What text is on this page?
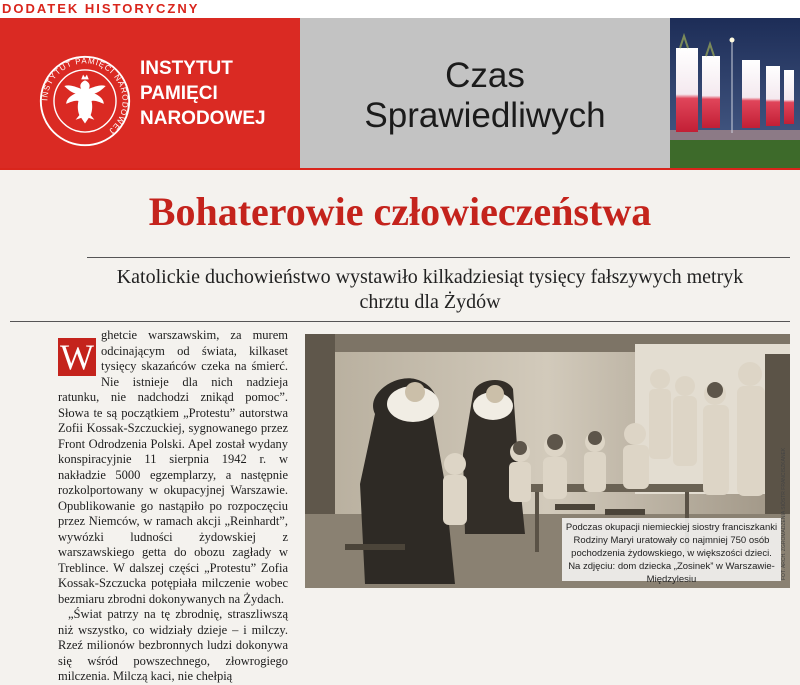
DODATEK HISTORYCZNY
INSTYTUT PAMIĘCI NARODOWEJ
INSTYTUT
PAMIĘCI
NARODOWEJ
Czas
Sprawiedliwych
Bohaterowie człowieczeństwa
Katolickie duchowieństwo wystawiło kilkadziesiąt tysięcy fałszywych metryk
chrztu dla Żydów
W

ghetcie warszawskim, za murem odcinającym od świata, kilkaset tysięcy skazańców czeka na śmierć. Nie istnieje dla nich nadzieja ratunku, nie nadchodzi znikąd pomoc”. Słowa te są początkiem „Protestu” autorstwa Zofii Kossak-Szczuckiej, sygnowanego przez Front Odrodzenia Polski. Apel został wydany konspiracyjnie 11 sierpnia 1942 r. w nakładzie 5000 egzemplarzy, a następnie rozkolportowany w okupacyjnej Warszawie. Opublikowanie go nastąpiło po rozpoczęciu przez Niemców, w ramach akcji „Reinhardt”, wywózki ludności żydowskiej z warszawskiego getta do obozu zagłady w Treblince. W dalszej części „Protestu” Zofia Kossak-Szczucka potępiała milczenie wobec bezmiaru zbrodni dokonywanych na Żydach.

„Świat patrzy na tę zbrodnię, straszliwszą niż wszystko, co widziały dzieje – i milczy. Rzeź milionów bezbronnych ludzi dokonywa się wśród powszechnego, złowrogiego milczenia. Milczą kaci, nie chełpią

Podczas okupacji niemieckiej siostry franciszkanki Rodziny Maryi uratowały co najmniej 750 osób pochodzenia żydowskiego, w większości dzieci. Na zdjęciu: dom dziecka „Zosinek” w Warszawie-Międzylesiu
